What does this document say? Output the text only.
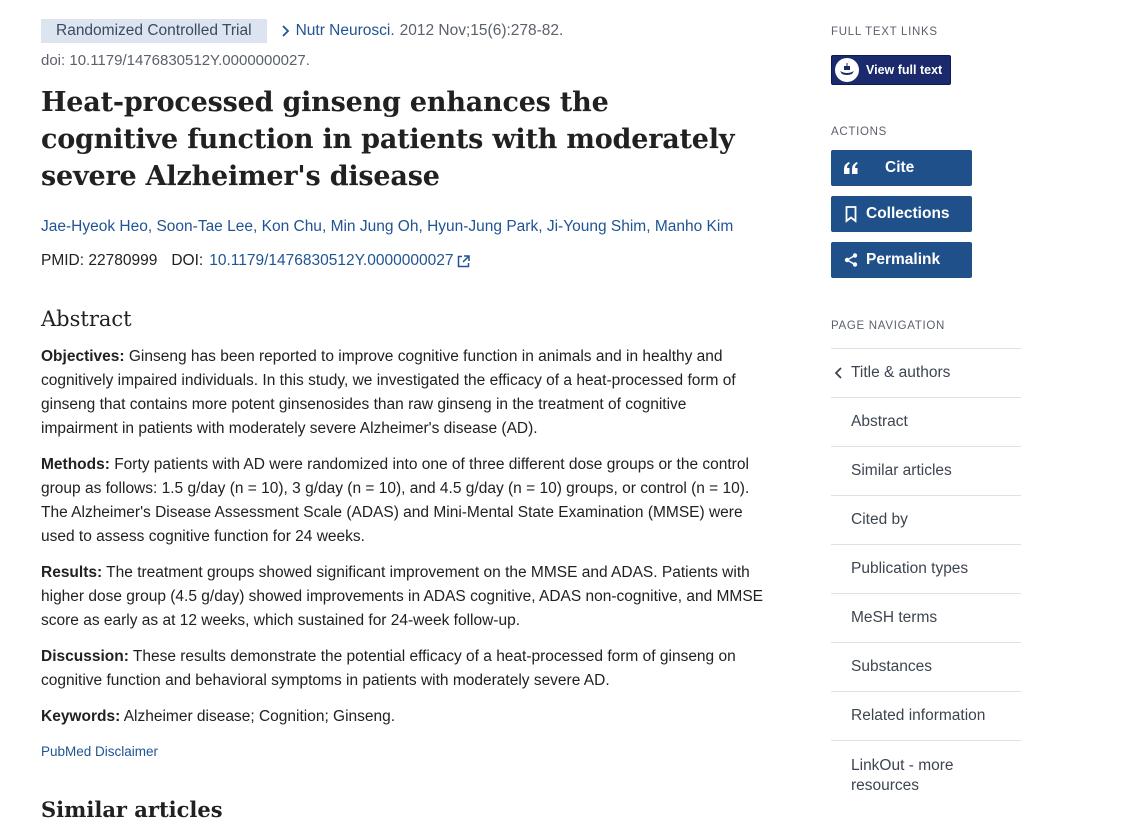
Randomized Controlled Trial	Nutr Neurosci. 2012 Nov;15(6):278-82.
doi: 10.1179/1476830512Y.0000000027.
Heat-processed ginseng enhances the cognitive function in patients with moderately severe Alzheimer's disease
Jae-Hyeok Heo, Soon-Tae Lee, Kon Chu, Min Jung Oh, Hyun-Jung Park, Ji-Young Shim, Manho Kim
PMID: 22780999 DOI: 10.1179/1476830512Y.0000000027
Abstract

Objectives: Ginseng has been reported to improve cognitive function in animals and in healthy and cognitively impaired individuals. In this study, we investigated the efficacy of a heat-processed form of ginseng that contains more potent ginsenosides than raw ginseng in the treatment of cognitive impairment in patients with moderately severe Alzheimer's disease (AD).

Methods: Forty patients with AD were randomized into one of three different dose groups or the control group as follows: 1.5 g/day (n = 10), 3 g/day (n = 10), and 4.5 g/day (n = 10) groups, or control (n = 10). The Alzheimer's Disease Assessment Scale (ADAS) and Mini-Mental State Examination (MMSE) were used to assess cognitive function for 24 weeks.

Results: The treatment groups showed significant improvement on the MMSE and ADAS. Patients with higher dose group (4.5 g/day) showed improvements in ADAS cognitive, ADAS non-cognitive, and MMSE score as early as at 12 weeks, which sustained for 24-week follow-up.

Discussion: These results demonstrate the potential efficacy of a heat-processed form of ginseng on cognitive function and behavioral symptoms in patients with moderately severe AD.

Keywords: Alzheimer disease; Cognition; Ginseng.

PubMed Disclaimer
Similar articles
FULL TEXT LINKS
View full text
ACTIONS
Cite
Collections
Permalink
PAGE NAVIGATION
Title & authors
Abstract
Similar articles
Cited by
Publication types
MeSH terms
Substances
Related information
LinkOut - more resources
